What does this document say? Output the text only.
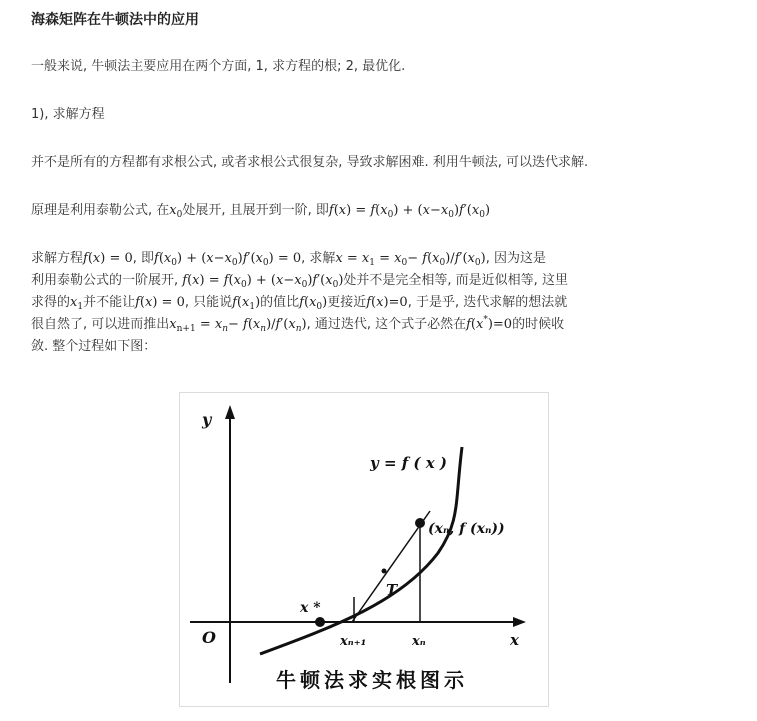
海森矩阵在牛顿法中的应用
一般来说, 牛顿法主要应用在两个方面, 1, 求方程的根; 2, 最优化.
1), 求解方程
并不是所有的方程都有求根公式, 或者求根公式很复杂, 导致求解困难. 利用牛顿法, 可以迭代求解.
原理是利用泰勒公式, 在$x_0$处展开, 且展开到一阶, 即$f(x) = f(x_0) + (x-x_0)f'(x_0)$
求解方程f(x) = 0, 即$f(x_0) + (x-x_0)f'(x_0) = 0$, 求解$x = x_1 = x_0- f(x_0)/f'(x_0)$, 因为这是
利用泰勒公式的一阶展开, $f(x) = f(x_0) + (x-x_0)f'(x_0)$处并不是完全相等, 而是近似相等, 这里
求得的$x_1$并不能让f(x) = 0, 只能说$f(x_1)$的值比$f(x_0)$更接近f(x)=0, 于是乎, 迭代求解的想法就
很自然了, 可以进而推出$x_{n+1} = x_n- f(x_n)/f'(x_n)$, 通过迭代, 这个式子必然在f(x*)=0的时候收
敛. 整个过程如下图：
y
x
O
y = f ( x )
(xₙ, f (xₙ))
T
x *
xₙ₊₁	xₙ
牛顿法求实根图示
